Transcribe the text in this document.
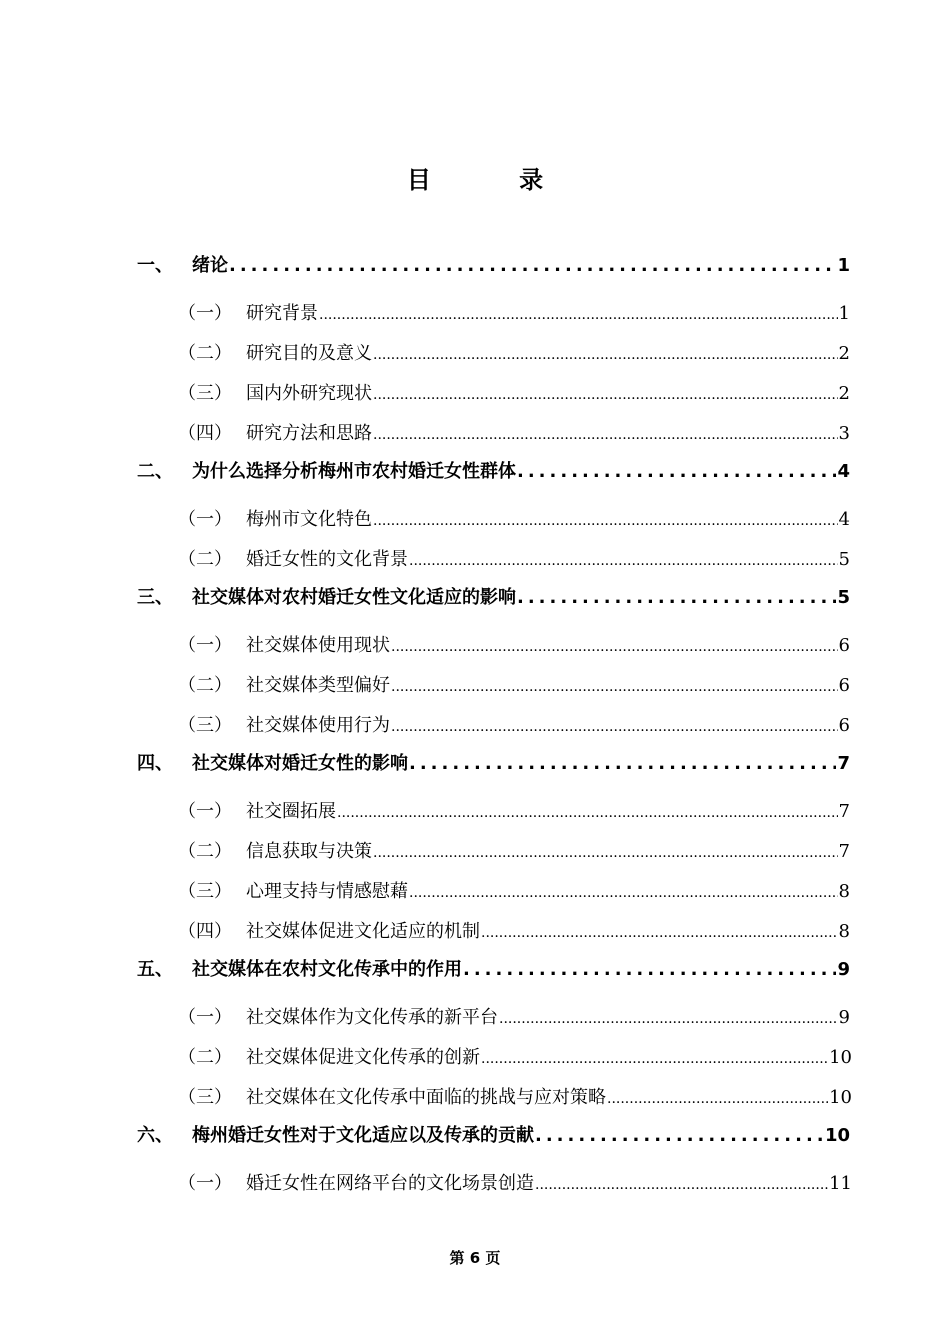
目 录
一、	绪论 .....	1
（一） 研究背景 .....	1
（二） 研究目的及意义 .....	2
（三） 国内外研究现状 .....	2
（四） 研究方法和思路 .....	3
二、	为什么选择分析梅州市农村婚迁女性群体 .....	4
（一） 梅州市文化特色 .....	4
（二） 婚迁女性的文化背景 .....	5
三、	社交媒体对农村婚迁女性文化适应的影响 .....	5
（一） 社交媒体使用现状 .....	6
（二） 社交媒体类型偏好 .....	6
（三） 社交媒体使用行为 .....	6
四、	社交媒体对婚迁女性的影响 .....	7
（一） 社交圈拓展 .....	7
（二） 信息获取与决策 .....	7
（三） 心理支持与情感慰藉 .....	8
（四） 社交媒体促进文化适应的机制 .....	8
五、	社交媒体在农村文化传承中的作用 .....	9
（一） 社交媒体作为文化传承的新平台 .....	9
（二） 社交媒体促进文化传承的创新 .....	10
（三） 社交媒体在文化传承中面临的挑战与应对策略 .....	10
六、	梅州婚迁女性对于文化适应以及传承的贡献 .....	10
（一） 婚迁女性在网络平台的文化场景创造 .....	11
第 6 页
